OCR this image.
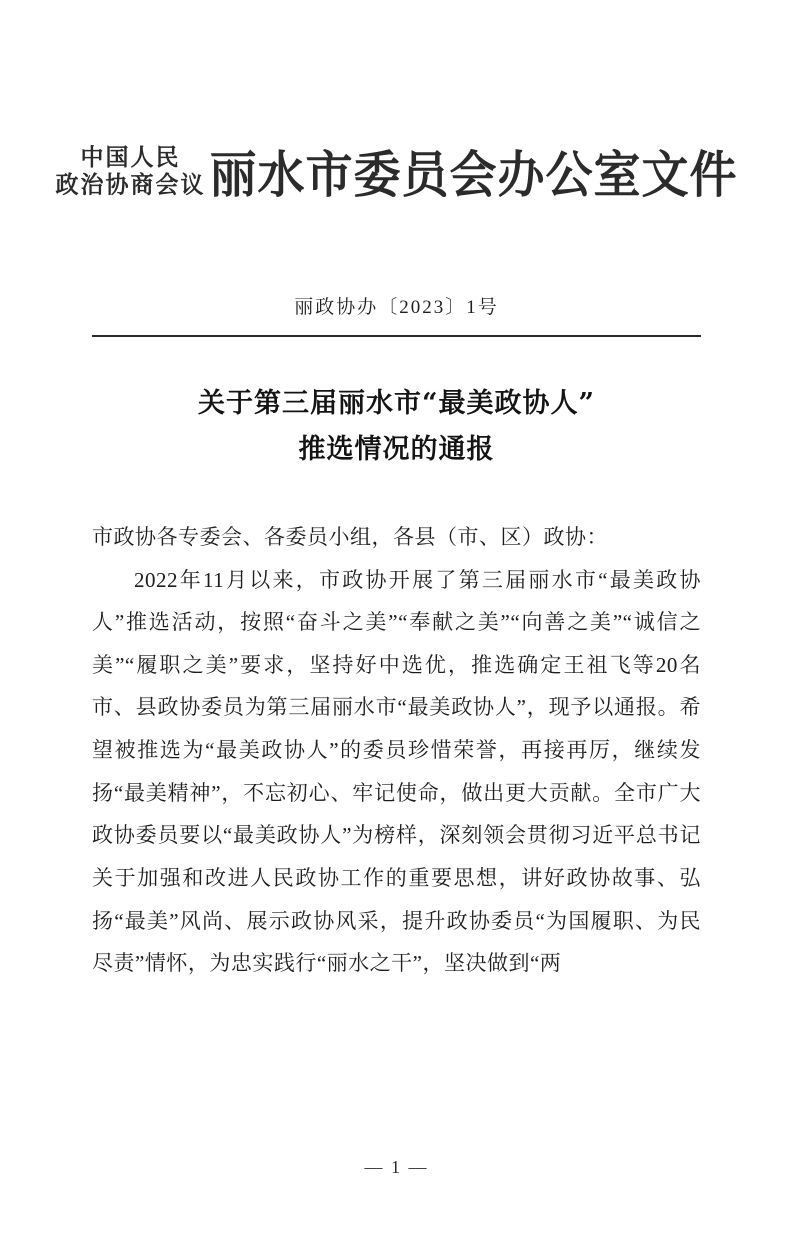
中国人民
政治协商会议 丽水市委员会办公室文件
丽政协办〔2023〕1号
关于第三届丽水市“最美政协人”
推选情况的通报

市政协各专委会、各委员小组，各县（市、区）政协：

2022年11月以来，市政协开展了第三届丽水市“最美政协人”推选活动，按照“奋斗之美”“奉献之美”“向善之美”“诚信之美”“履职之美”要求，坚持好中选优，推选确定王祖飞等20名市、县政协委员为第三届丽水市“最美政协人”，现予以通报。希望被推选为“最美政协人”的委员珍惜荣誉，再接再厉，继续发扬“最美精神”，不忘初心、牢记使命，做出更大贡献。全市广大政协委员要以“最美政协人”为榜样，深刻领会贯彻习近平总书记关于加强和改进人民政协工作的重要思想，讲好政协故事、弘扬“最美”风尚、展示政协风采，提升政协委员“为国履职、为民尽责”情怀，为忠实践行“丽水之干”，坚决做到“两

— 1 —
